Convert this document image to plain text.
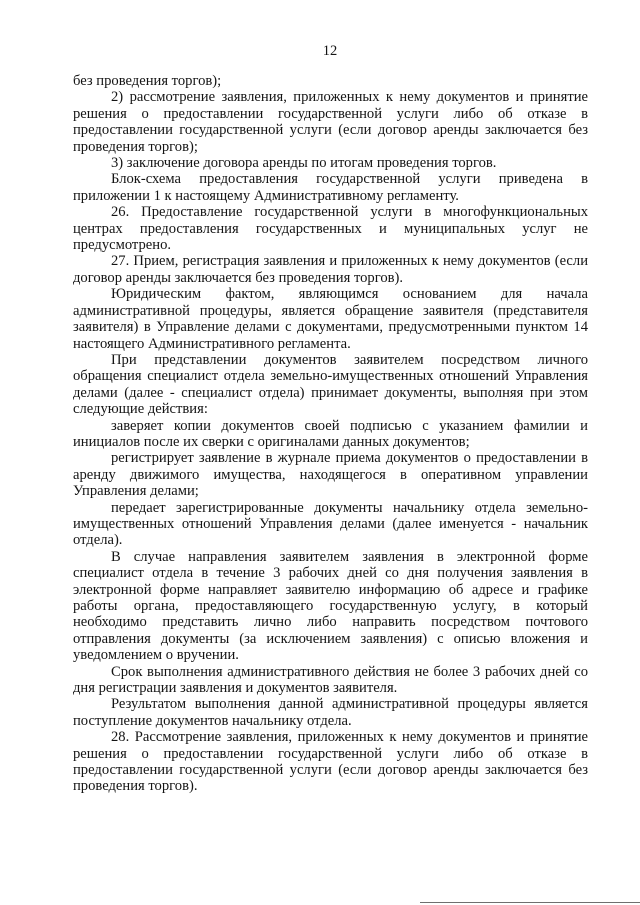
12

без проведения торгов);

2) рассмотрение заявления, приложенных к нему документов и принятие решения о предоставлении государственной услуги либо об отказе в предоставлении государственной услуги (если договор аренды заключается без проведения торгов);

3) заключение договора аренды по итогам проведения торгов.

Блок-схема предоставления государственной услуги приведена в приложении 1 к настоящему Административному регламенту.

26. Предоставление государственной услуги в многофункциональных центрах предоставления государственных и муниципальных услуг не предусмотрено.

27. Прием, регистрация заявления и приложенных к нему документов (если договор аренды заключается без проведения торгов).

Юридическим фактом, являющимся основанием для начала административной процедуры, является обращение заявителя (представителя заявителя) в Управление делами с документами, предусмотренными пунктом 14 настоящего Административного регламента.

При представлении документов заявителем посредством личного обращения специалист отдела земельно-имущественных отношений Управления делами (далее - специалист отдела) принимает документы, выполняя при этом следующие действия:

заверяет копии документов своей подписью с указанием фамилии и инициалов после их сверки с оригиналами данных документов;

регистрирует заявление в журнале приема документов о предоставлении в аренду движимого имущества, находящегося в оперативном управлении Управления делами;

передает зарегистрированные документы начальнику отдела земельно-имущественных отношений Управления делами (далее именуется - начальник отдела).

В случае направления заявителем заявления в электронной форме специалист отдела в течение 3 рабочих дней со дня получения заявления в электронной форме направляет заявителю информацию об адресе и графике работы органа, предоставляющего государственную услугу, в который необходимо представить лично либо направить посредством почтового отправления документы (за исключением заявления) с описью вложения и уведомлением о вручении.

Срок выполнения административного действия не более 3 рабочих дней со дня регистрации заявления и документов заявителя.

Результатом выполнения данной административной процедуры является поступление документов начальнику отдела.

28. Рассмотрение заявления, приложенных к нему документов и принятие решения о предоставлении государственной услуги либо об отказе в предоставлении государственной услуги (если договор аренды заключается без проведения торгов).
